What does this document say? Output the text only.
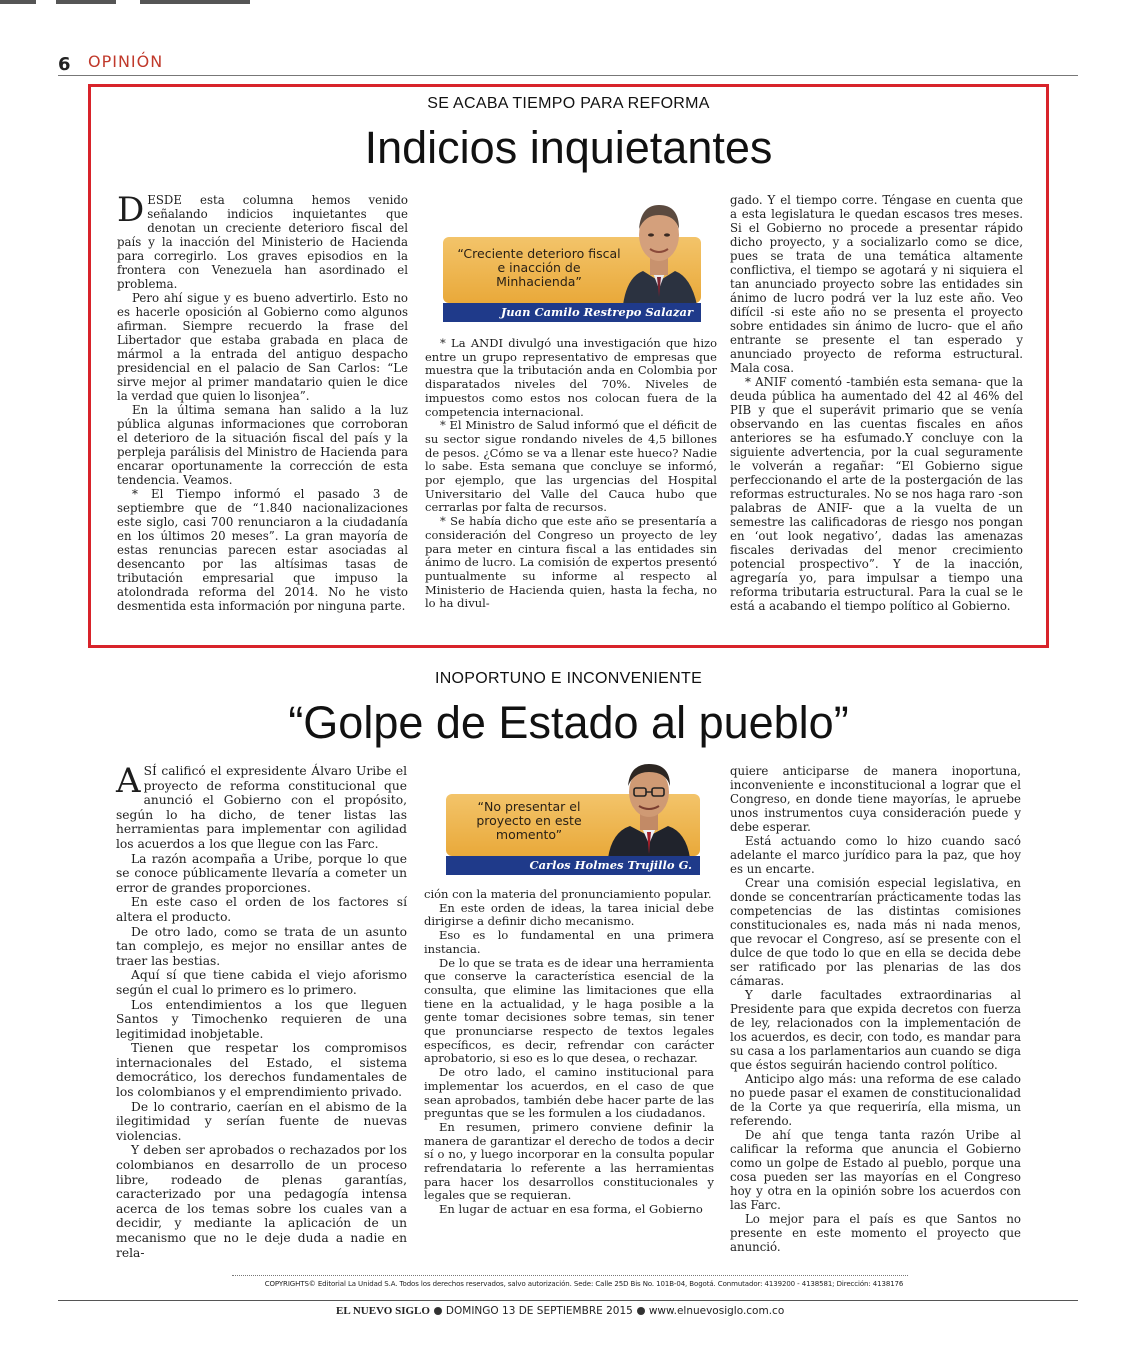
6 OPINIÓN
SE ACABA TIEMPO PARA REFORMA
Indicios inquietantes

DESDE esta columna hemos venido señalando indicios inquietantes que denotan un creciente deterioro fiscal del país y la inacción del Ministerio de Hacienda para corregirlo. Los graves episodios en la frontera con Venezuela han asordinado el problema.

Pero ahí sigue y es bueno advertirlo. Esto no es hacerle oposición al Gobierno como algunos afirman. Siempre recuerdo la frase del Libertador que estaba grabada en placa de mármol a la entrada del antiguo despacho presidencial en el palacio de San Carlos: “Le sirve mejor al primer mandatario quien le dice la verdad que quien lo lisonjea”.

En la última semana han salido a la luz pública algunas informaciones que corroboran el deterioro de la situación fiscal del país y la perpleja parálisis del Ministro de Hacienda para encarar oportunamente la corrección de esta tendencia. Veamos.

* El Tiempo informó el pasado 3 de septiembre que de “1.840 nacionalizaciones este siglo, casi 700 renunciaron a la ciudadanía en los últimos 20 meses”. La gran mayoría de estas renuncias parecen estar asociadas al desencanto por las altísimas tasas de tributación empresarial que impuso la atolondrada reforma del 2014. No he visto desmentida esta información por ninguna parte.

“Creciente deterioro fiscal e inacción de Minhacienda”
Juan Camilo Restrepo Salazar

* La ANDI divulgó una investigación que hizo entre un grupo representativo de empresas que muestra que la tributación anda en Colombia por disparatados niveles del 70%. Niveles de impuestos como estos nos colocan fuera de la competencia internacional.

* El Ministro de Salud informó que el déficit de su sector sigue rondando niveles de 4,5 billones de pesos. ¿Cómo se va a llenar este hueco? Nadie lo sabe. Esta semana que concluye se informó, por ejemplo, que las urgencias del Hospital Universitario del Valle del Cauca hubo que cerrarlas por falta de recursos.

* Se había dicho que este año se presentaría a consideración del Congreso un proyecto de ley para meter en cintura fiscal a las entidades sin ánimo de lucro. La comisión de expertos presentó puntualmente su informe al respecto al Ministerio de Hacienda quien, hasta la fecha, no lo ha divul-

gado. Y el tiempo corre. Téngase en cuenta que a esta legislatura le quedan escasos tres meses. Si el Gobierno no procede a presentar rápido dicho proyecto, y a socializarlo como se dice, pues se trata de una temática altamente conflictiva, el tiempo se agotará y ni siquiera el tan anunciado proyecto sobre las entidades sin ánimo de lucro podrá ver la luz este año. Veo difícil -si este año no se presenta el proyecto sobre entidades sin ánimo de lucro- que el año entrante se presente el tan esperado y anunciado proyecto de reforma estructural. Mala cosa.

* ANIF comentó -también esta semana- que la deuda pública ha aumentado del 42 al 46% del PIB y que el superávit primario que se venía observando en las cuentas fiscales en años anteriores se ha esfumado.Y concluye con la siguiente advertencia, por la cual seguramente le volverán a regañar: “El Gobierno sigue perfeccionando el arte de la postergación de las reformas estructurales. No se nos haga raro -son palabras de ANIF- que a la vuelta de un semestre las calificadoras de riesgo nos pongan en ‘out look negativo’, dadas las amenazas fiscales derivadas del menor crecimiento potencial prospectivo”. Y de la inacción, agregaría yo, para impulsar a tiempo una reforma tributaria estructural. Para la cual se le está a acabando el tiempo político al Gobierno.

INOPORTUNO E INCONVENIENTE
“Golpe de Estado al pueblo”

ASÍ calificó el expresidente Álvaro Uribe el proyecto de reforma constitucional que anunció el Gobierno con el propósito, según lo ha dicho, de tener listas las herramientas para implementar con agilidad los acuerdos a los que llegue con las Farc.

La razón acompaña a Uribe, porque lo que se conoce públicamente llevaría a cometer un error de grandes proporciones.

En este caso el orden de los factores sí altera el producto.

De otro lado, como se trata de un asunto tan complejo, es mejor no ensillar antes de traer las bestias.

Aquí sí que tiene cabida el viejo aforismo según el cual lo primero es lo primero.

Los entendimientos a los que lleguen Santos y Timochenko requieren de una legitimidad inobjetable.

Tienen que respetar los compromisos internacionales del Estado, el sistema democrático, los derechos fundamentales de los colombianos y el emprendimiento privado.

De lo contrario, caerían en el abismo de la ilegitimidad y serían fuente de nuevas violencias.

Y deben ser aprobados o rechazados por los colombianos en desarrollo de un proceso libre, rodeado de plenas garantías, caracterizado por una pedagogía intensa acerca de los temas sobre los cuales van a decidir, y mediante la aplicación de un mecanismo que no le deje duda a nadie en rela-

“No presentar el proyecto en este momento”
Carlos Holmes Trujillo G.

ción con la materia del pronunciamiento popular.

En este orden de ideas, la tarea inicial debe dirigirse a definir dicho mecanismo.

Eso es lo fundamental en una primera instancia.

De lo que se trata es de idear una herramienta que conserve la característica esencial de la consulta, que elimine las limitaciones que ella tiene en la actualidad, y le haga posible a la gente tomar decisiones sobre temas, sin tener que pronunciarse respecto de textos legales específicos, es decir, refrendar con carácter aprobatorio, si eso es lo que desea, o rechazar.

De otro lado, el camino institucional para implementar los acuerdos, en el caso de que sean aprobados, también debe hacer parte de las preguntas que se les formulen a los ciudadanos.

En resumen, primero conviene definir la manera de garantizar el derecho de todos a decir sí o no, y luego incorporar en la consulta popular refrendataria lo referente a las herramientas para hacer los desarrollos constitucionales y legales que se requieran.

En lugar de actuar en esa forma, el Gobierno

quiere anticiparse de manera inoportuna, inconveniente e inconstitucional a lograr que el Congreso, en donde tiene mayorías, le apruebe unos instrumentos cuya consideración puede y debe esperar.

Está actuando como lo hizo cuando sacó adelante el marco jurídico para la paz, que hoy es un encarte.

Crear una comisión especial legislativa, en donde se concentrarían prácticamente todas las competencias de las distintas comisiones constitucionales es, nada más ni nada menos, que revocar el Congreso, así se presente con el dulce de que todo lo que en ella se decida debe ser ratificado por las plenarias de las dos cámaras.

Y darle facultades extraordinarias al Presidente para que expida decretos con fuerza de ley, relacionados con la implementación de los acuerdos, es decir, con todo, es mandar para su casa a los parlamentarios aun cuando se diga que éstos seguirán haciendo control político.

Anticipo algo más: una reforma de ese calado no puede pasar el examen de constitucionalidad de la Corte ya que requeriría, ella misma, un referendo.

De ahí que tenga tanta razón Uribe al calificar la reforma que anuncia el Gobierno como un golpe de Estado al pueblo, porque una cosa pueden ser las mayorías en el Congreso hoy y otra en la opinión sobre los acuerdos con las Farc.

Lo mejor para el país es que Santos no presente en este momento el proyecto que anunció.

COPYRIGHTS© Editorial La Unidad S.A. Todos los derechos reservados, salvo autorización. Sede: Calle 25D Bis No. 101B-04, Bogotá. Conmutador: 4139200 - 4138581; Dirección: 4138176
EL NUEVO SIGLO DOMINGO 13 DE SEPTIEMBRE 2015 www.elnuevosiglo.com.co
